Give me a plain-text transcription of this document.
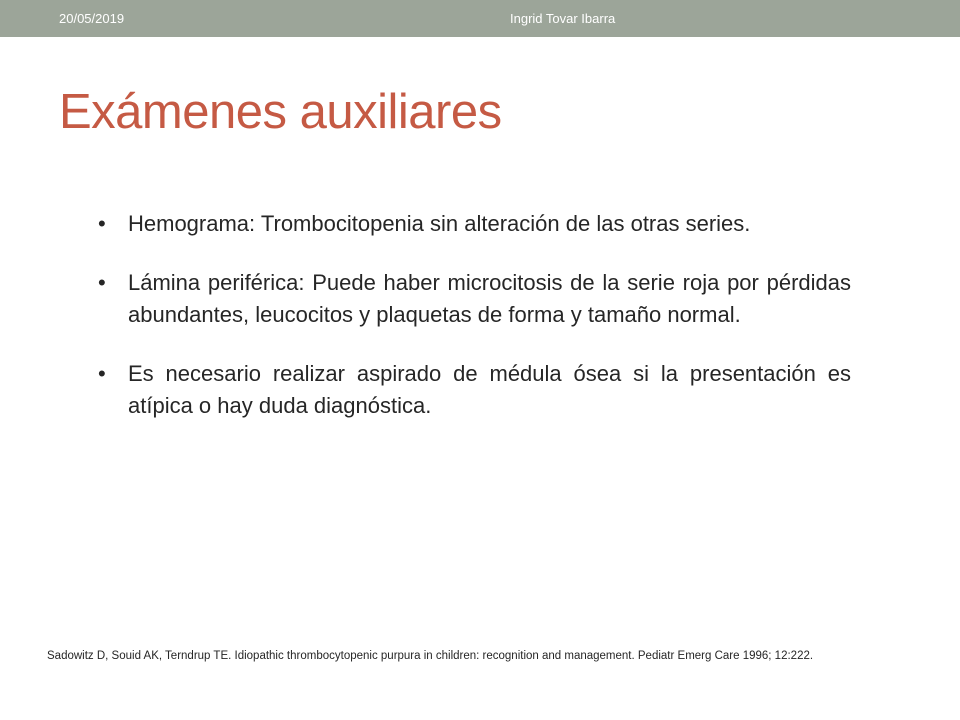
20/05/2019	Ingrid Tovar Ibarra
Exámenes auxiliares
•	Hemograma: Trombocitopenia sin alteración de las otras series.
•	Lámina periférica: Puede haber microcitosis de la serie roja por pérdidas abundantes, leucocitos y plaquetas de forma y tamaño normal.
•	Es necesario realizar aspirado de médula ósea si la presentación es atípica o hay duda diagnóstica.
Sadowitz D, Souid AK, Terndrup TE. Idiopathic thrombocytopenic purpura in children: recognition and management. Pediatr Emerg Care 1996; 12:222.
